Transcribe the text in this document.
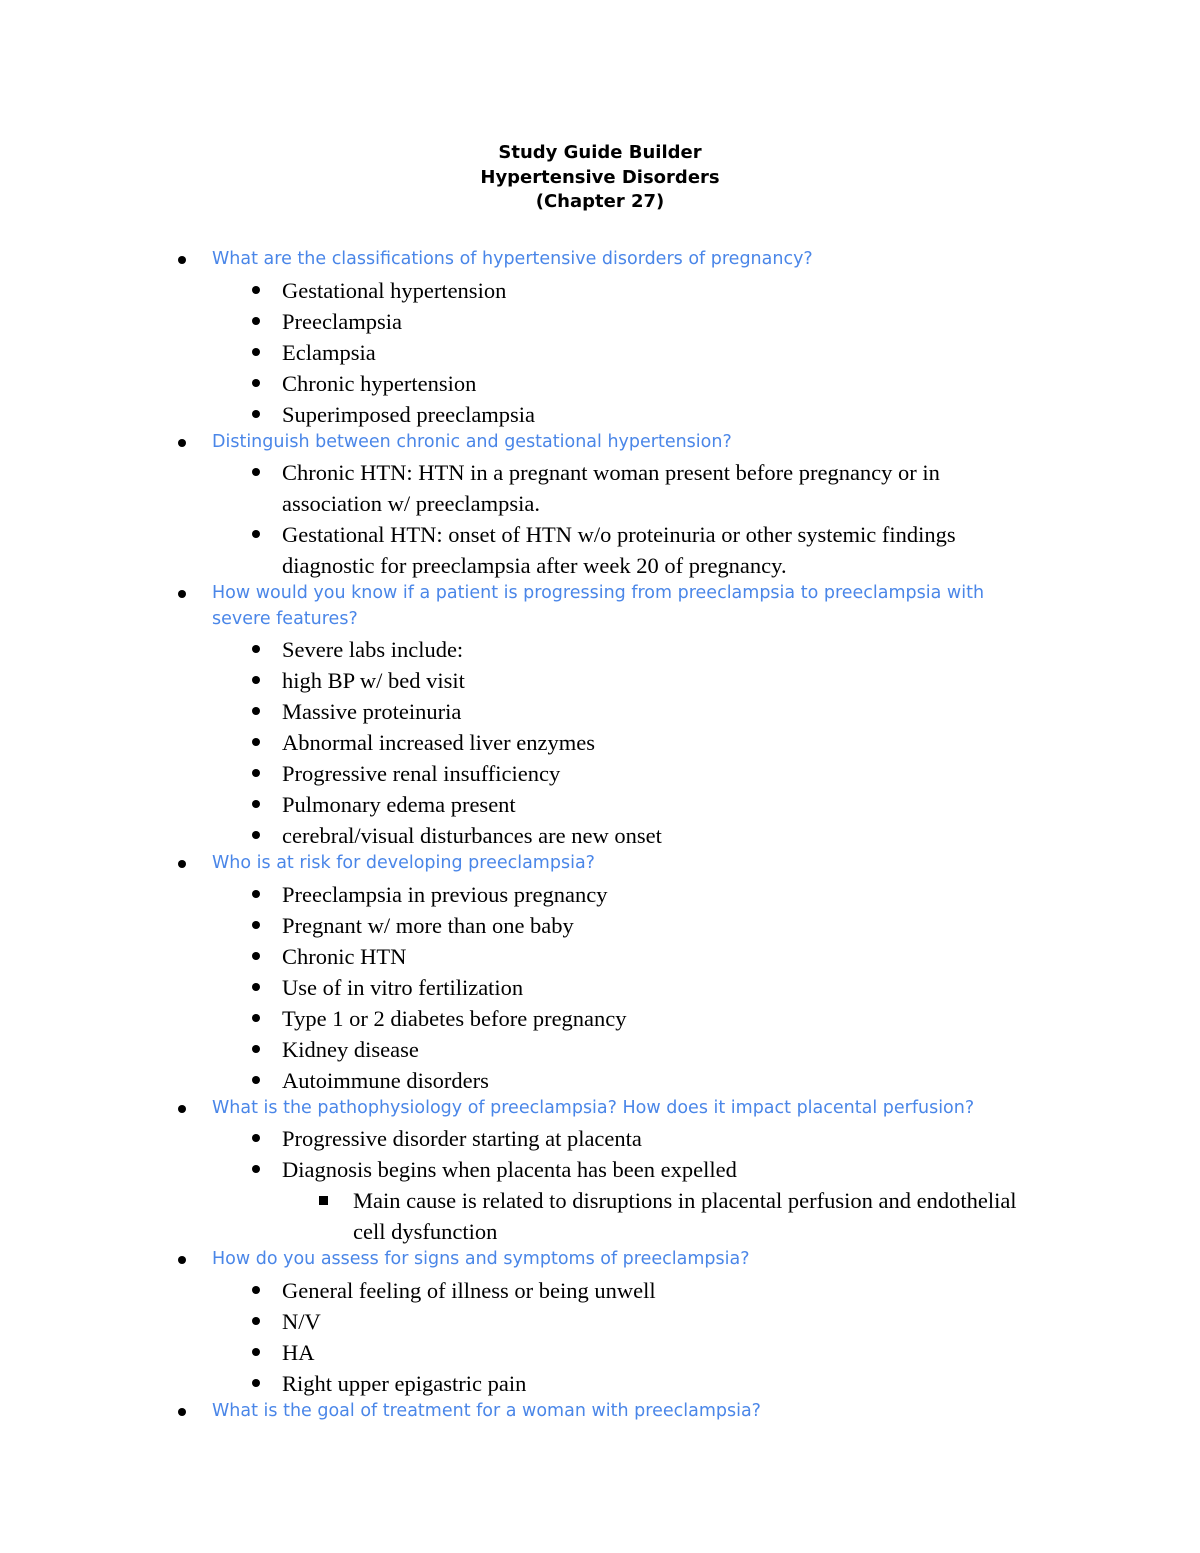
Study Guide Builder
Hypertensive Disorders
(Chapter 27)
What are the classifications of hypertensive disorders of pregnancy?
Gestational hypertension
Preeclampsia
Eclampsia
Chronic hypertension
Superimposed preeclampsia
Distinguish between chronic and gestational hypertension?
Chronic HTN: HTN in a pregnant woman present before pregnancy or in association w/ preeclampsia.
Gestational HTN: onset of HTN w/o proteinuria or other systemic findings diagnostic for preeclampsia after week 20 of pregnancy.
How would you know if a patient is progressing from preeclampsia to preeclampsia with severe features?
Severe labs include:
high BP w/ bed visit
Massive proteinuria
Abnormal increased liver enzymes
Progressive renal insufficiency
Pulmonary edema present
cerebral/visual disturbances are new onset
Who is at risk for developing preeclampsia?
Preeclampsia in previous pregnancy
Pregnant w/ more than one baby
Chronic HTN
Use of in vitro fertilization
Type 1 or 2 diabetes before pregnancy
Kidney disease
Autoimmune disorders
What is the pathophysiology of preeclampsia? How does it impact placental perfusion?
Progressive disorder starting at placenta
Diagnosis begins when placenta has been expelled
Main cause is related to disruptions in placental perfusion and endothelial cell dysfunction
How do you assess for signs and symptoms of preeclampsia?
General feeling of illness or being unwell
N/V
HA
Right upper epigastric pain
What is the goal of treatment for a woman with preeclampsia?
